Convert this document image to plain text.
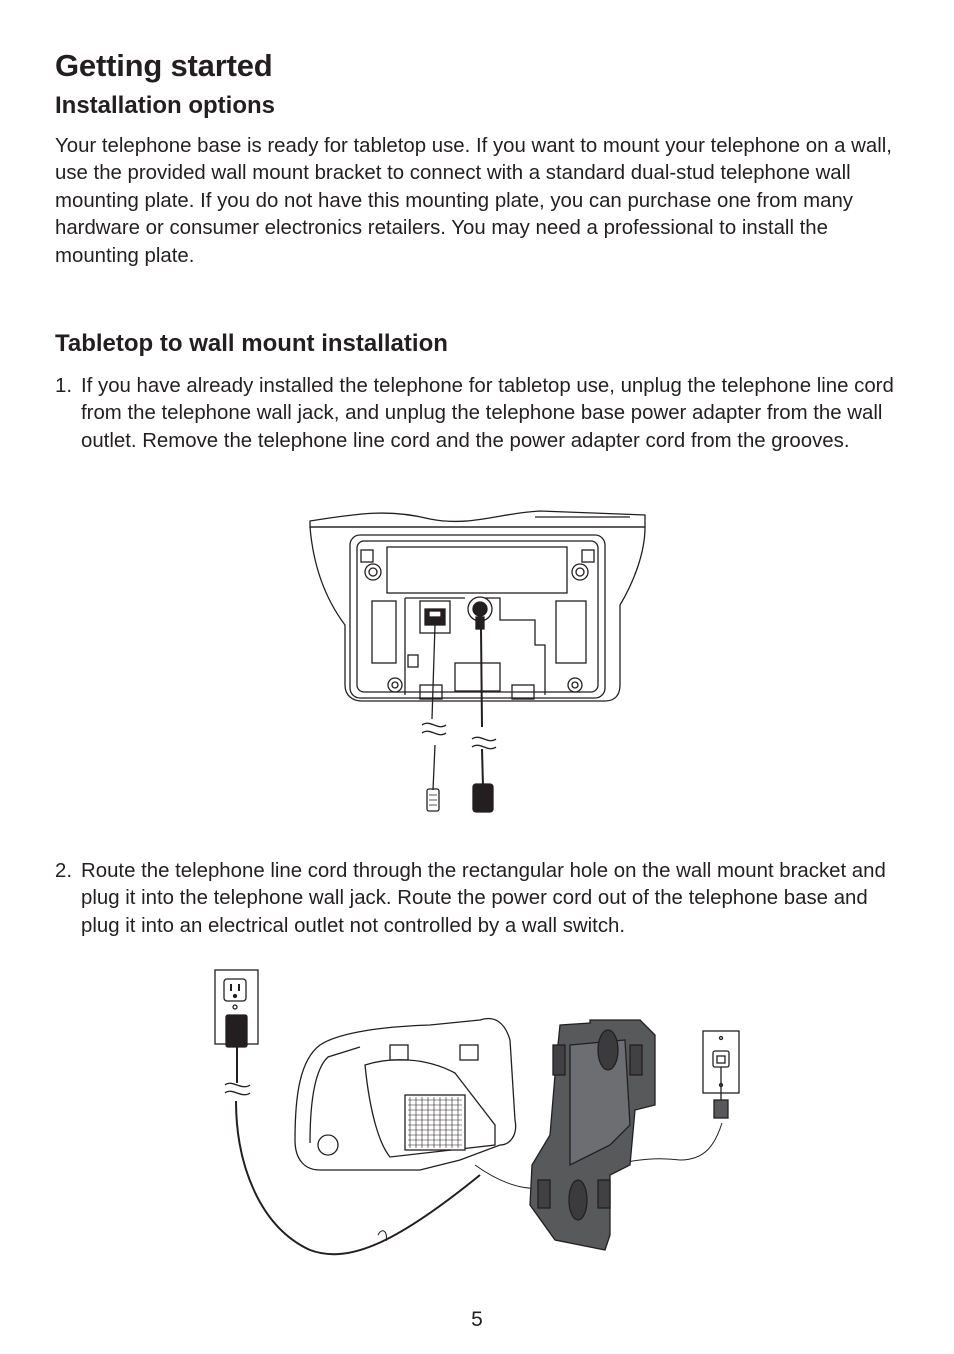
Getting started
Installation options

Your telephone base is ready for tabletop use. If you want to mount your telephone on a wall, use the provided wall mount bracket to connect with a standard dual-stud telephone wall mounting plate. If you do not have this mounting plate, you can purchase one from many hardware or consumer electronics retailers. You may need a professional to install the mounting plate.

Tabletop to wall mount installation
1. If you have already installed the telephone for tabletop use, unplug the telephone line cord from the telephone wall jack, and unplug the telephone base power adapter from the wall outlet. Remove the telephone line cord and the power adapter cord from the grooves.

2. Route the telephone line cord through the rectangular hole on the wall mount bracket and plug it into the telephone wall jack. Route the power cord out of the telephone base and plug it into an electrical outlet not controlled by a wall switch.

5
